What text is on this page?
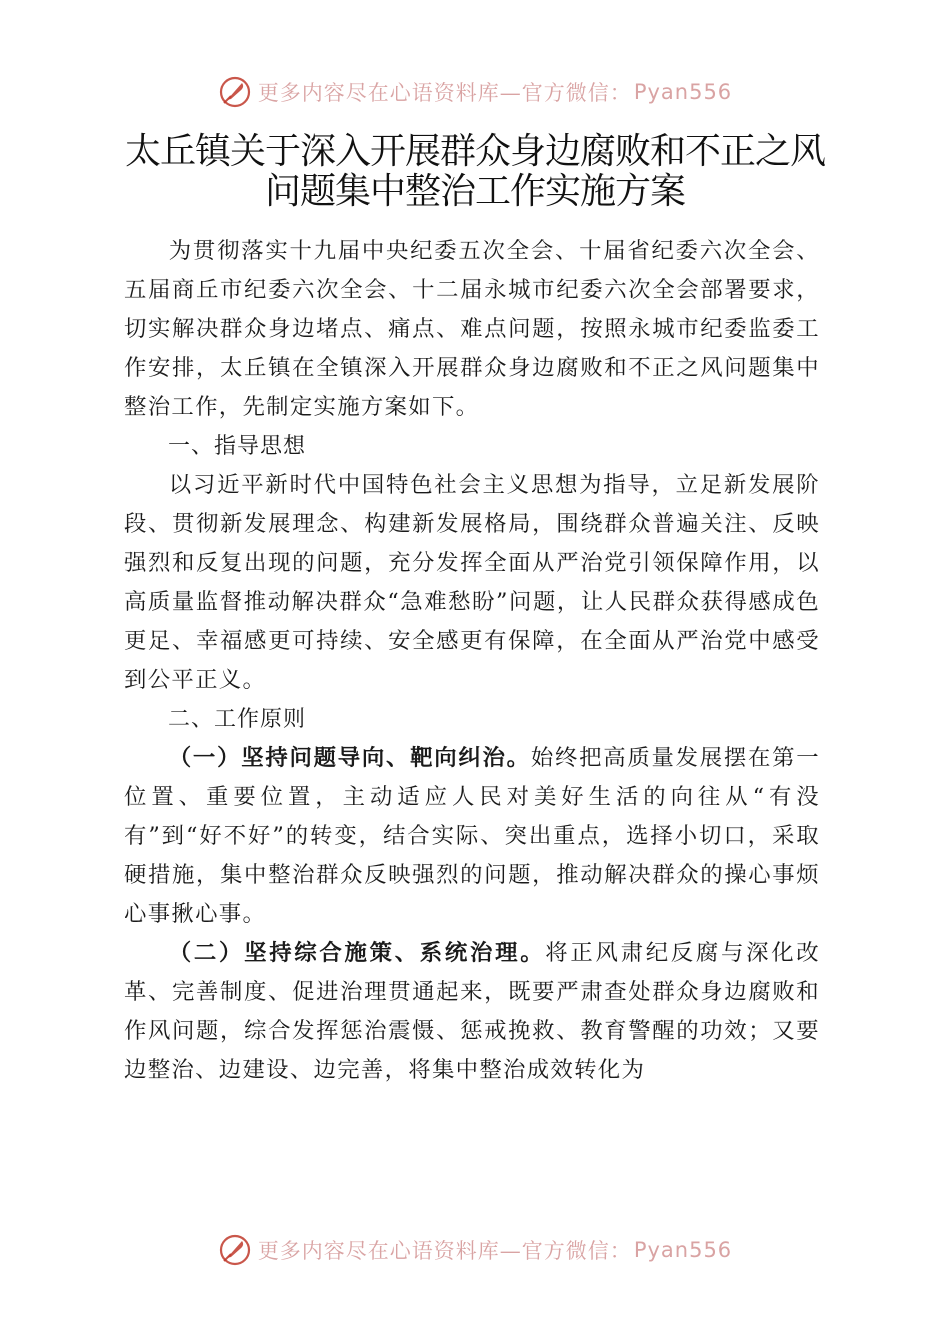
更多内容尽在心语资料库—官方微信： Pyan556
太丘镇关于深入开展群众身边腐败和不正之风问题集中整治工作实施方案

为贯彻落实十九届中央纪委五次全会、十届省纪委六次全会、五届商丘市纪委六次全会、十二届永城市纪委六次全会部署要求，切实解决群众身边堵点、痛点、难点问题，按照永城市纪委监委工作安排，太丘镇在全镇深入开展群众身边腐败和不正之风问题集中整治工作，先制定实施方案如下。

一、指导思想

以习近平新时代中国特色社会主义思想为指导，立足新发展阶段、贯彻新发展理念、构建新发展格局，围绕群众普遍关注、反映强烈和反复出现的问题，充分发挥全面从严治党引领保障作用，以高质量监督推动解决群众“急难愁盼”问题，让人民群众获得感成色更足、幸福感更可持续、安全感更有保障，在全面从严治党中感受到公平正义。

二、工作原则

（一）坚持问题导向、靶向纠治。始终把高质量发展摆在第一位置、重要位置，主动适应人民对美好生活的向往从“有没有”到“好不好”的转变，结合实际、突出重点，选择小切口，采取硬措施，集中整治群众反映强烈的问题，推动解决群众的操心事烦心事揪心事。

（二）坚持综合施策、系统治理。将正风肃纪反腐与深化改革、完善制度、促进治理贯通起来，既要严肃查处群众身边腐败和作风问题，综合发挥惩治震慑、惩戒挽救、教育警醒的功效；又要边整治、边建设、边完善，将集中整治成效转化为

更多内容尽在心语资料库—官方微信： Pyan556
